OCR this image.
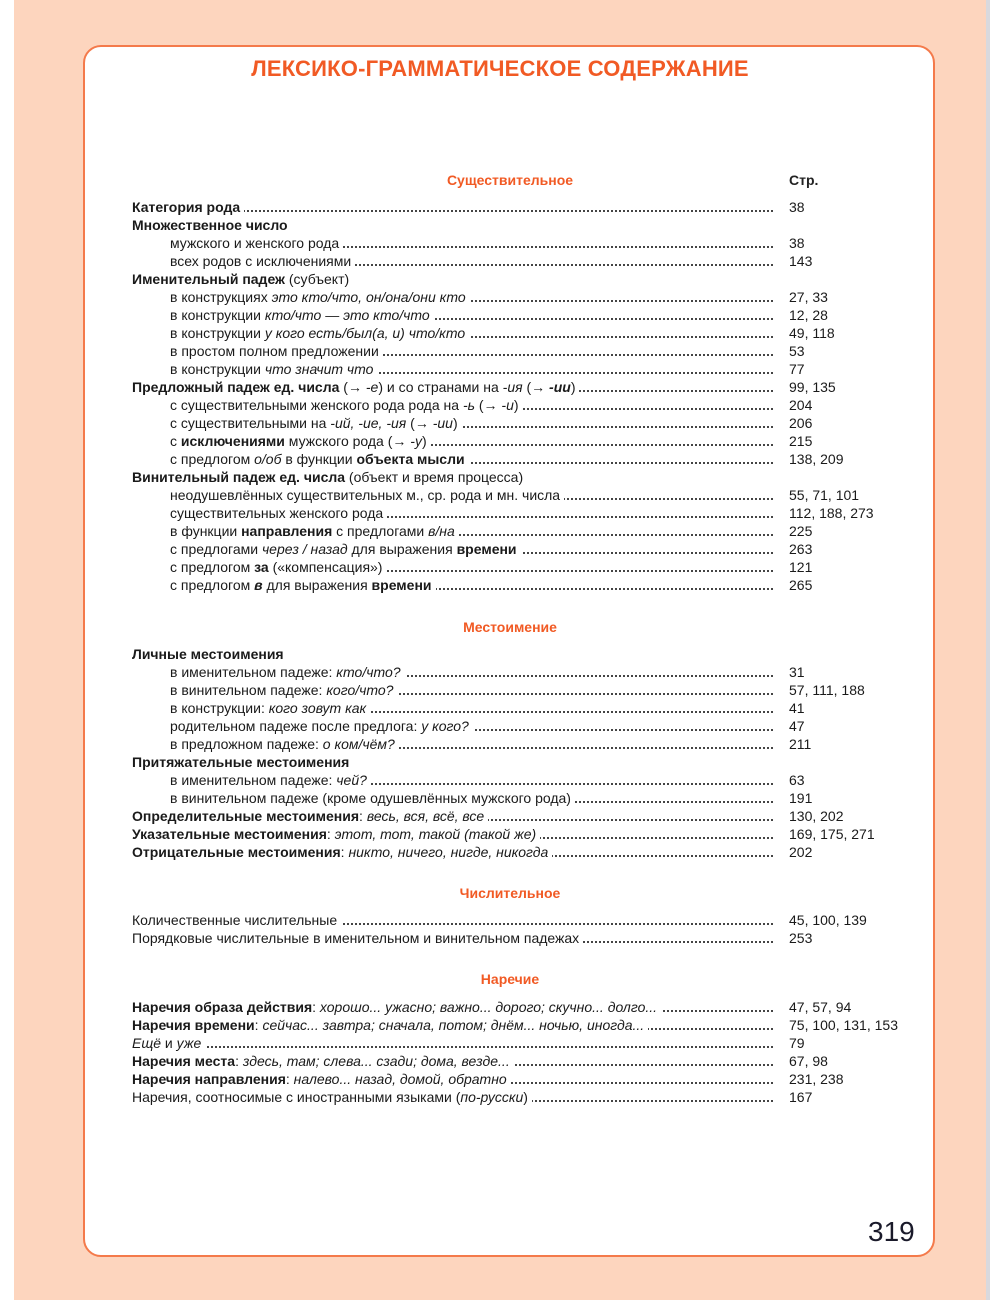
ЛЕКСИКО-ГРАММАТИЧЕСКОЕ СОДЕРЖАНИЕ
Стр.
Существительное
Категория рода	38
Множественное число
мужского и женского рода	38
всех родов с исключениями	143
Именительный падеж (субъект)
в конструкциях это кто/что, он/она/они кто	27, 33
в конструкции кто/что — это кто/что	12, 28
в конструкции у кого есть/был(а, и) что/кто	49, 118
в простом полном предложении	53
в конструкции что значит что	77
Предложный падеж ед. числа (→ -е) и со странами на -ия (→ -ии)	99, 135
с существительными женского рода рода на -ь (→ -и)	204
с существительными на -ий, -ие, -ия (→ -ии)	206
с исключениями мужского рода (→ -у)	215
с предлогом о/об в функции объекта мысли	138, 209
Винительный падеж ед. числа (объект и время процесса)
неодушевлённых существительных м., ср. рода и мн. числа	55, 71, 101
существительных женского рода	112, 188, 273
в функции направления с предлогами в/на	225
с предлогами через / назад для выражения времени	263
с предлогом за («компенсация»)	121
с предлогом в для выражения времени	265
Местоимение
Личные местоимения
в именительном падеже: кто/что?	31
в винительном падеже: кого/что?	57, 111, 188
в конструкции: кого зовут как	41
родительном падеже после предлога: у кого?	47
в предложном падеже: о ком/чём?	211
Притяжательные местоимения
в именительном падеже: чей?	63
в винительном падеже (кроме одушевлённых мужского рода)	191
Определительные местоимения: весь, вся, всё, все	130, 202
Указательные местоимения: этот, тот, такой (такой же)	169, 175, 271
Отрицательные местоимения: никто, ничего, нигде, никогда	202
Числительное
Количественные числительные	45, 100, 139
Порядковые числительные в именительном и винительном падежах	253
Наречие
Наречия образа действия: хорошо... ужасно; важно... дорого; скучно... долго...	47, 57, 94
Наречия времени: сейчас... завтра; сначала, потом; днём... ночью, иногда...	75, 100, 131, 153
Ещё и уже	79
Наречия места: здесь, там; слева... сзади; дома, везде...	67, 98
Наречия направления: налево... назад, домой, обратно	231, 238
Наречия, соотносимые с иностранными языками (по-русски)	167
319
